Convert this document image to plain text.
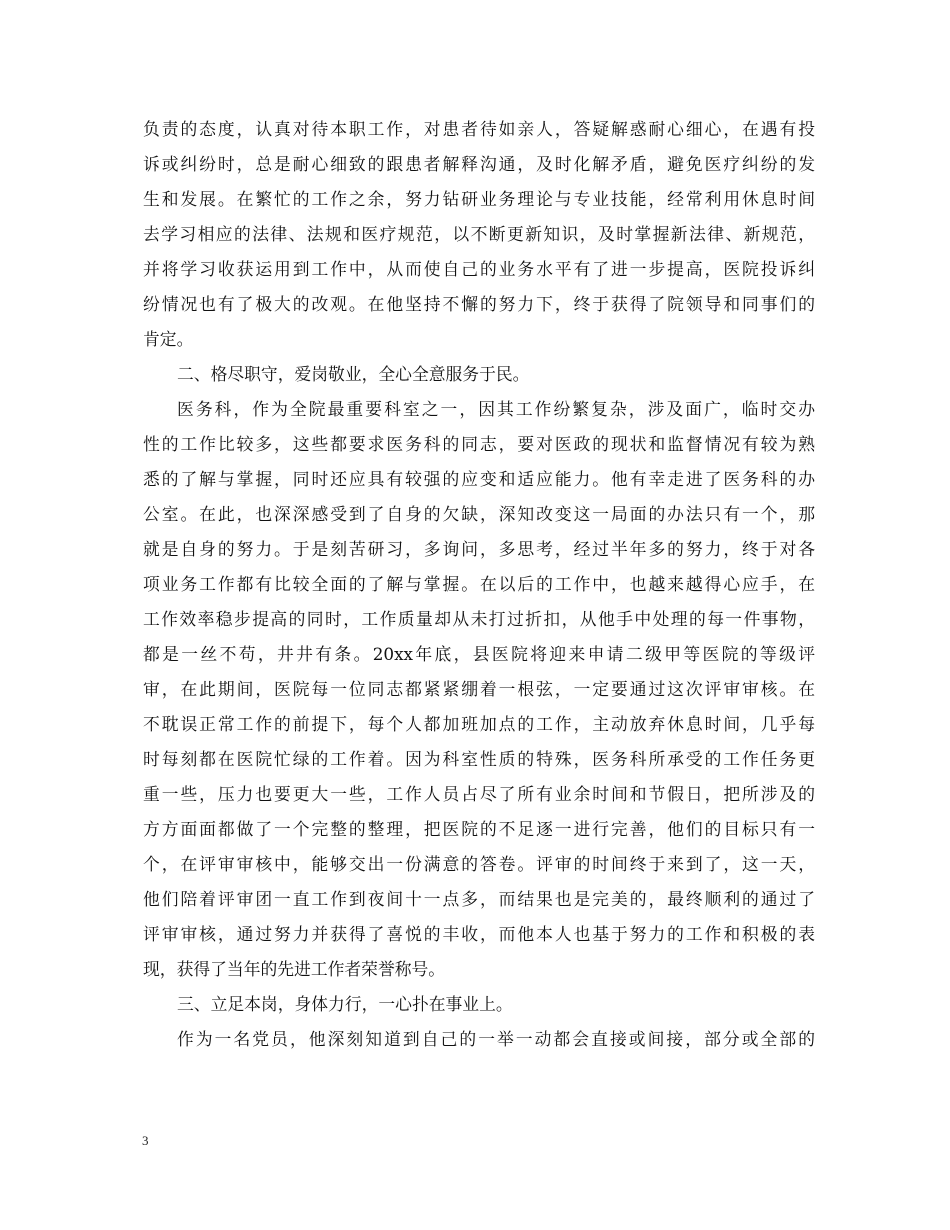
负责的态度，认真对待本职工作，对患者待如亲人，答疑解惑耐心细心，在遇有投
诉或纠纷时，总是耐心细致的跟患者解释沟通，及时化解矛盾，避免医疗纠纷的发
生和发展。在繁忙的工作之余，努力钻研业务理论与专业技能，经常利用休息时间
去学习相应的法律、法规和医疗规范，以不断更新知识，及时掌握新法律、新规范，
并将学习收获运用到工作中，从而使自己的业务水平有了进一步提高，医院投诉纠
纷情况也有了极大的改观。在他坚持不懈的努力下，终于获得了院领导和同事们的
肯定。
二、格尽职守，爱岗敬业，全心全意服务于民。
医务科，作为全院最重要科室之一，因其工作纷繁复杂，涉及面广，临时交办
性的工作比较多，这些都要求医务科的同志，要对医政的现状和监督情况有较为熟
悉的了解与掌握，同时还应具有较强的应变和适应能力。他有幸走进了医务科的办
公室。在此，也深深感受到了自身的欠缺，深知改变这一局面的办法只有一个，那
就是自身的努力。于是刻苦研习，多询问，多思考，经过半年多的努力，终于对各
项业务工作都有比较全面的了解与掌握。在以后的工作中，也越来越得心应手，在
工作效率稳步提高的同时，工作质量却从未打过折扣，从他手中处理的每一件事物，
都是一丝不苟，井井有条。20xx年底，县医院将迎来申请二级甲等医院的等级评
审，在此期间，医院每一位同志都紧紧绷着一根弦，一定要通过这次评审审核。在
不耽误正常工作的前提下，每个人都加班加点的工作，主动放弃休息时间，几乎每
时每刻都在医院忙绿的工作着。因为科室性质的特殊，医务科所承受的工作任务更
重一些，压力也要更大一些，工作人员占尽了所有业余时间和节假日，把所涉及的
方方面面都做了一个完整的整理，把医院的不足逐一进行完善，他们的目标只有一
个，在评审审核中，能够交出一份满意的答卷。评审的时间终于来到了，这一天，
他们陪着评审团一直工作到夜间十一点多，而结果也是完美的，最终顺利的通过了
评审审核，通过努力并获得了喜悦的丰收，而他本人也基于努力的工作和积极的表
现，获得了当年的先进工作者荣誉称号。
三、立足本岗，身体力行，一心扑在事业上。
作为一名党员，他深刻知道到自己的一举一动都会直接或间接，部分或全部的
3
